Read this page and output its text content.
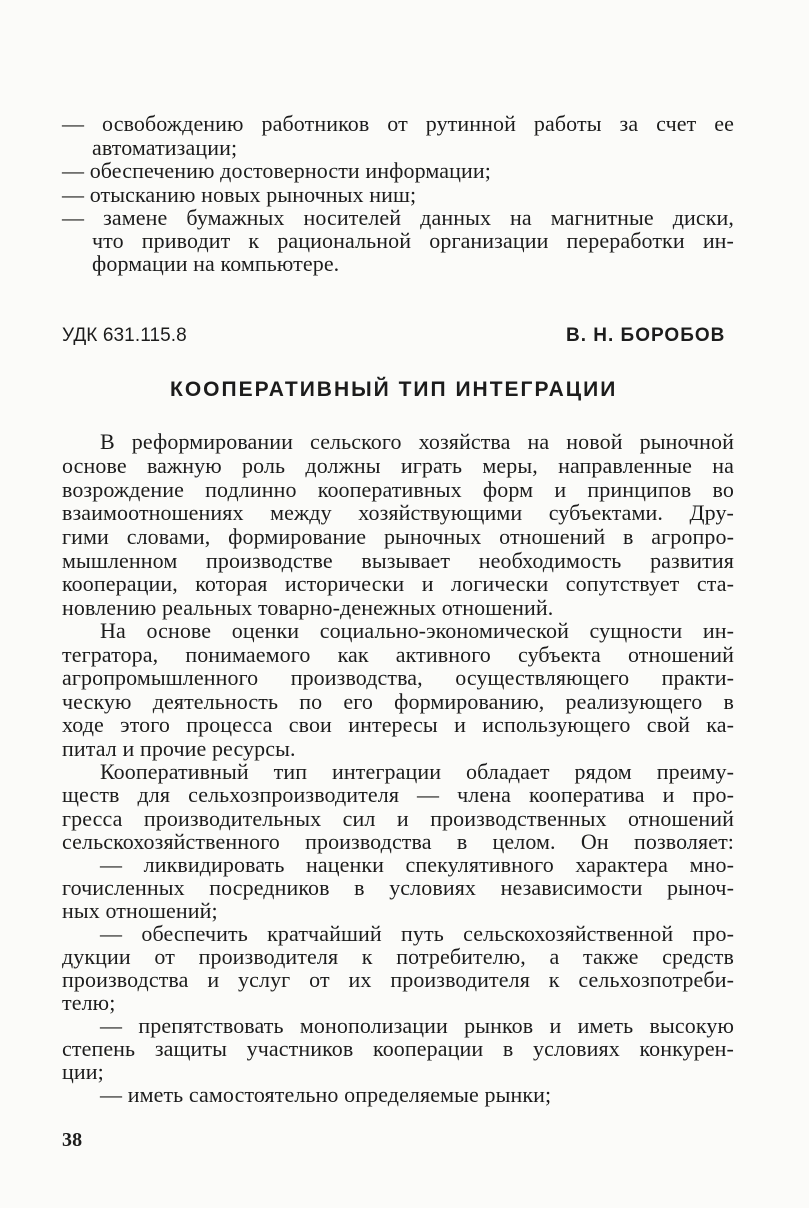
— освобождению работников от рутинной работы за счет ее
автоматизации;
— обеспечению достоверности информации;
— отысканию новых рыночных ниш;
— замене бумажных носителей данных на магнитные диски,
что приводит к рациональной организации переработки ин-
формации на компьютере.
УДК 631.115.8	В. Н. БОРОБОВ
КООПЕРАТИВНЫЙ ТИП ИНТЕГРАЦИИ
В реформировании сельского хозяйства на новой рыночной
основе важную роль должны играть меры, направленные на
возрождение подлинно кооперативных форм и принципов во
взаимоотношениях между хозяйствующими субъектами. Дру-
гими словами, формирование рыночных отношений в агропро-
мышленном производстве вызывает необходимость развития
кооперации, которая исторически и логически сопутствует ста-
новлению реальных товарно-денежных отношений.
На основе оценки социально-экономической сущности ин-
тегратора, понимаемого как активного субъекта отношений
агропромышленного производства, осуществляющего практи-
ческую деятельность по его формированию, реализующего в
ходе этого процесса свои интересы и использующего свой ка-
питал и прочие ресурсы.
Кооперативный тип интеграции обладает рядом преиму-
ществ для сельхозпроизводителя — члена кооператива и про-
гресса производительных сил и производственных отношений
сельскохозяйственного производства в целом. Он позволяет:
— ликвидировать наценки спекулятивного характера мно-
гочисленных посредников в условиях независимости рыноч-
ных отношений;
— обеспечить кратчайший путь сельскохозяйственной про-
дукции от производителя к потребителю, а также средств
производства и услуг от их производителя к сельхозпотреби-
телю;
— препятствовать монополизации рынков и иметь высокую
степень защиты участников кооперации в условиях конкурен-
ции;
— иметь самостоятельно определяемые рынки;
38
